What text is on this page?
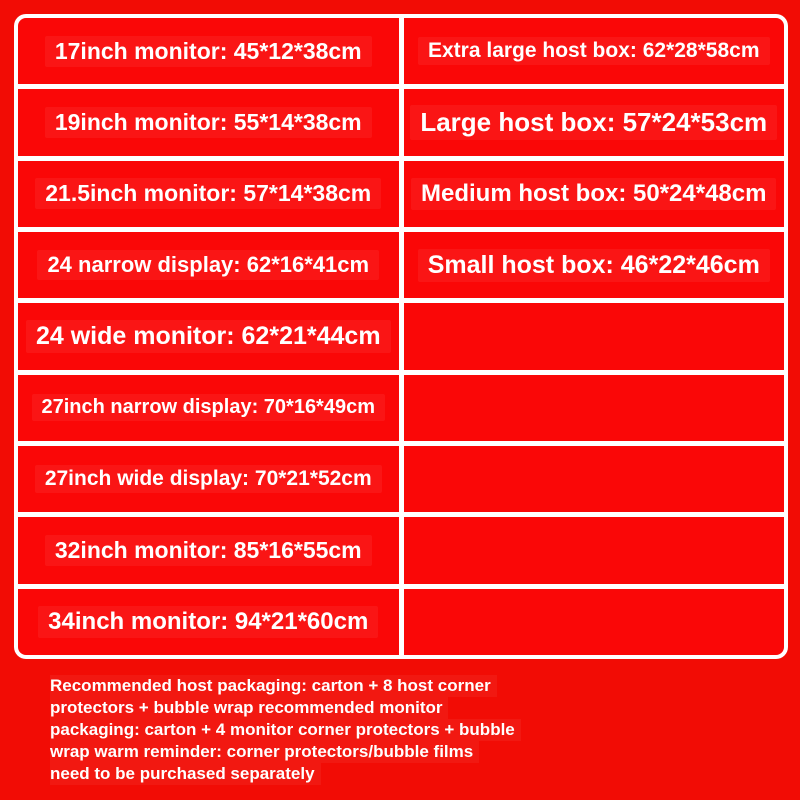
17inch monitor: 45*12*38cm
19inch monitor: 55*14*38cm
21.5inch monitor: 57*14*38cm
24 narrow display: 62*16*41cm
24 wide monitor: 62*21*44cm
27inch narrow display: 70*16*49cm
27inch wide display: 70*21*52cm
32inch monitor: 85*16*55cm
34inch monitor: 94*21*60cm
Extra large host box: 62*28*58cm
Large host box: 57*24*53cm
Medium host box: 50*24*48cm
Small host box: 46*22*46cm
Recommended host packaging: carton + 8 host corner
protectors + bubble wrap recommended monitor
packaging: carton + 4 monitor corner protectors + bubble
wrap warm reminder: corner protectors/bubble films
need to be purchased separately
